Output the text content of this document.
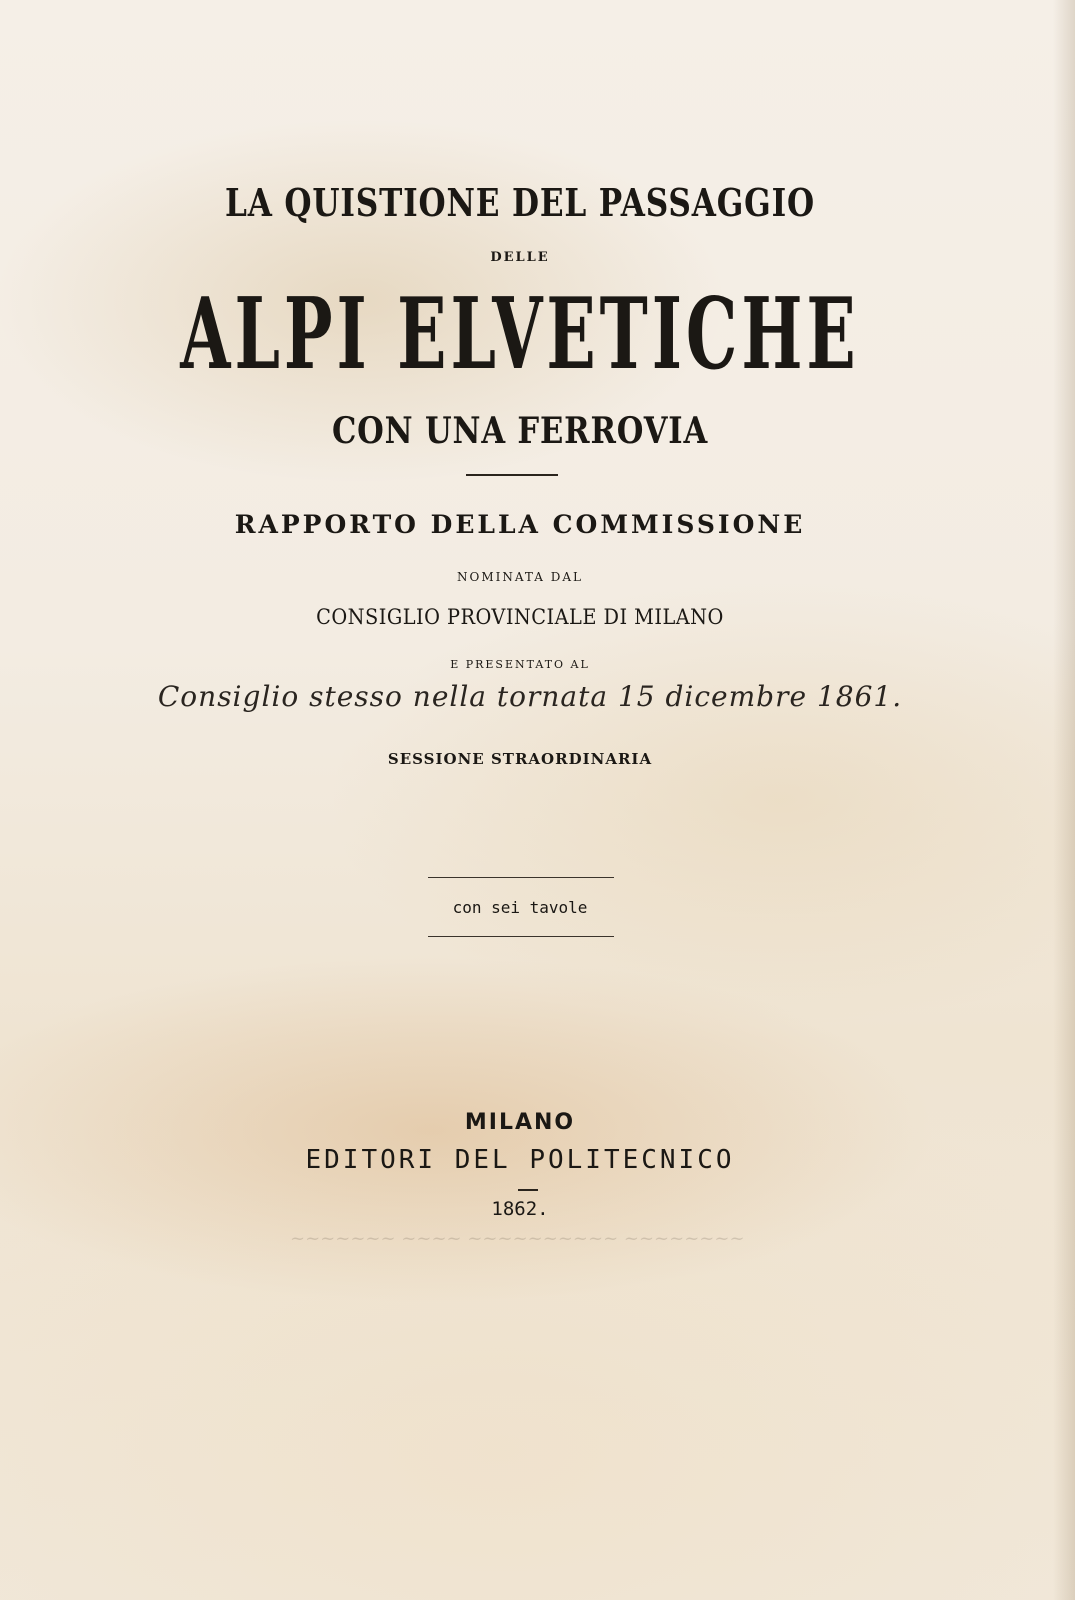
LA QUISTIONE DEL PASSAGGIO
DELLE
ALPI ELVETICHE
CON UNA FERROVIA
RAPPORTO DELLA COMMISSIONE
NOMINATA DAL
CONSIGLIO PROVINCIALE DI MILANO
E PRESENTATO AL
Consiglio stesso nella tornata 15 dicembre 1861.
SESSIONE STRAORDINARIA
con sei tavole
MILANO
EDITORI DEL POLITECNICO
1862.
~~~~~~~ ~~~~ ~~~~~~~~~~ ~~~~~~~~
